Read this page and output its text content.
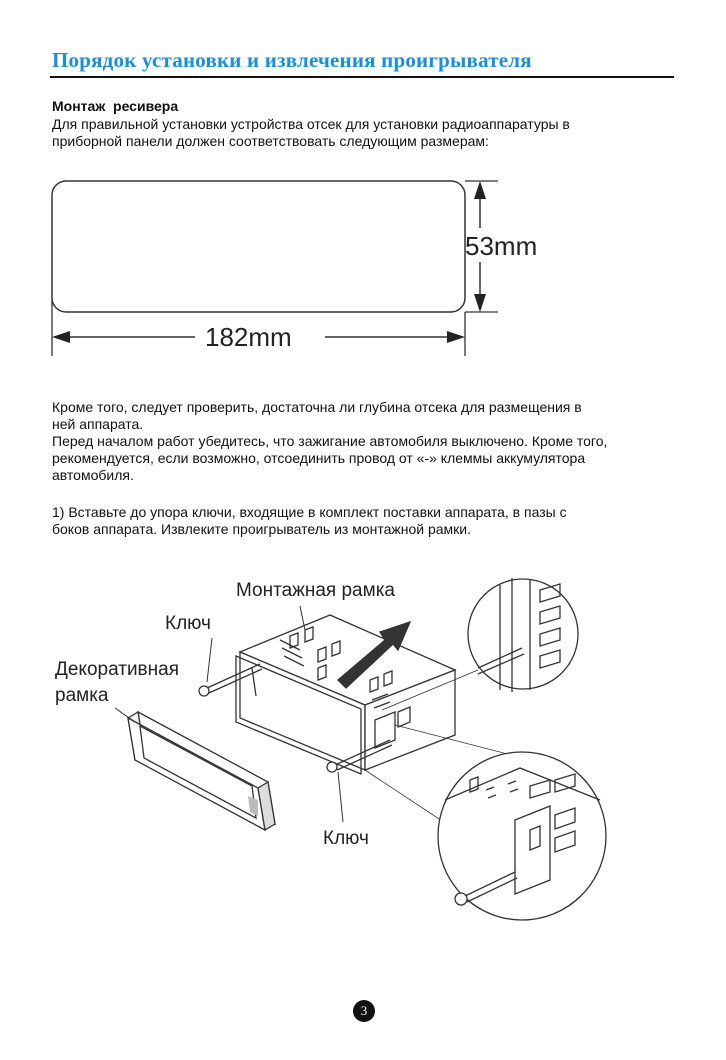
Порядок установки и извлечения проигрывателя
Монтаж  ресивера
Для правильной установки устройства отсек для установки радиоаппаратуры в
приборной панели должен соответствовать следующим размерам:
53mm
182mm
Кроме того, следует проверить, достаточна ли глубина отсека для размещения в
ней аппарата.
Перед началом работ убедитесь, что зажигание автомобиля выключено. Кроме того,
рекомендуется, если возможно, отсоединить провод от «-» клеммы аккумулятора
автомобиля.
1) Вставьте до упора ключи, входящие в комплект поставки аппарата, в пазы с
боков аппарата. Извлеките проигрыватель из монтажной рамки.
Монтажная рамка
Ключ
Декоративная
рамка
Ключ
3
